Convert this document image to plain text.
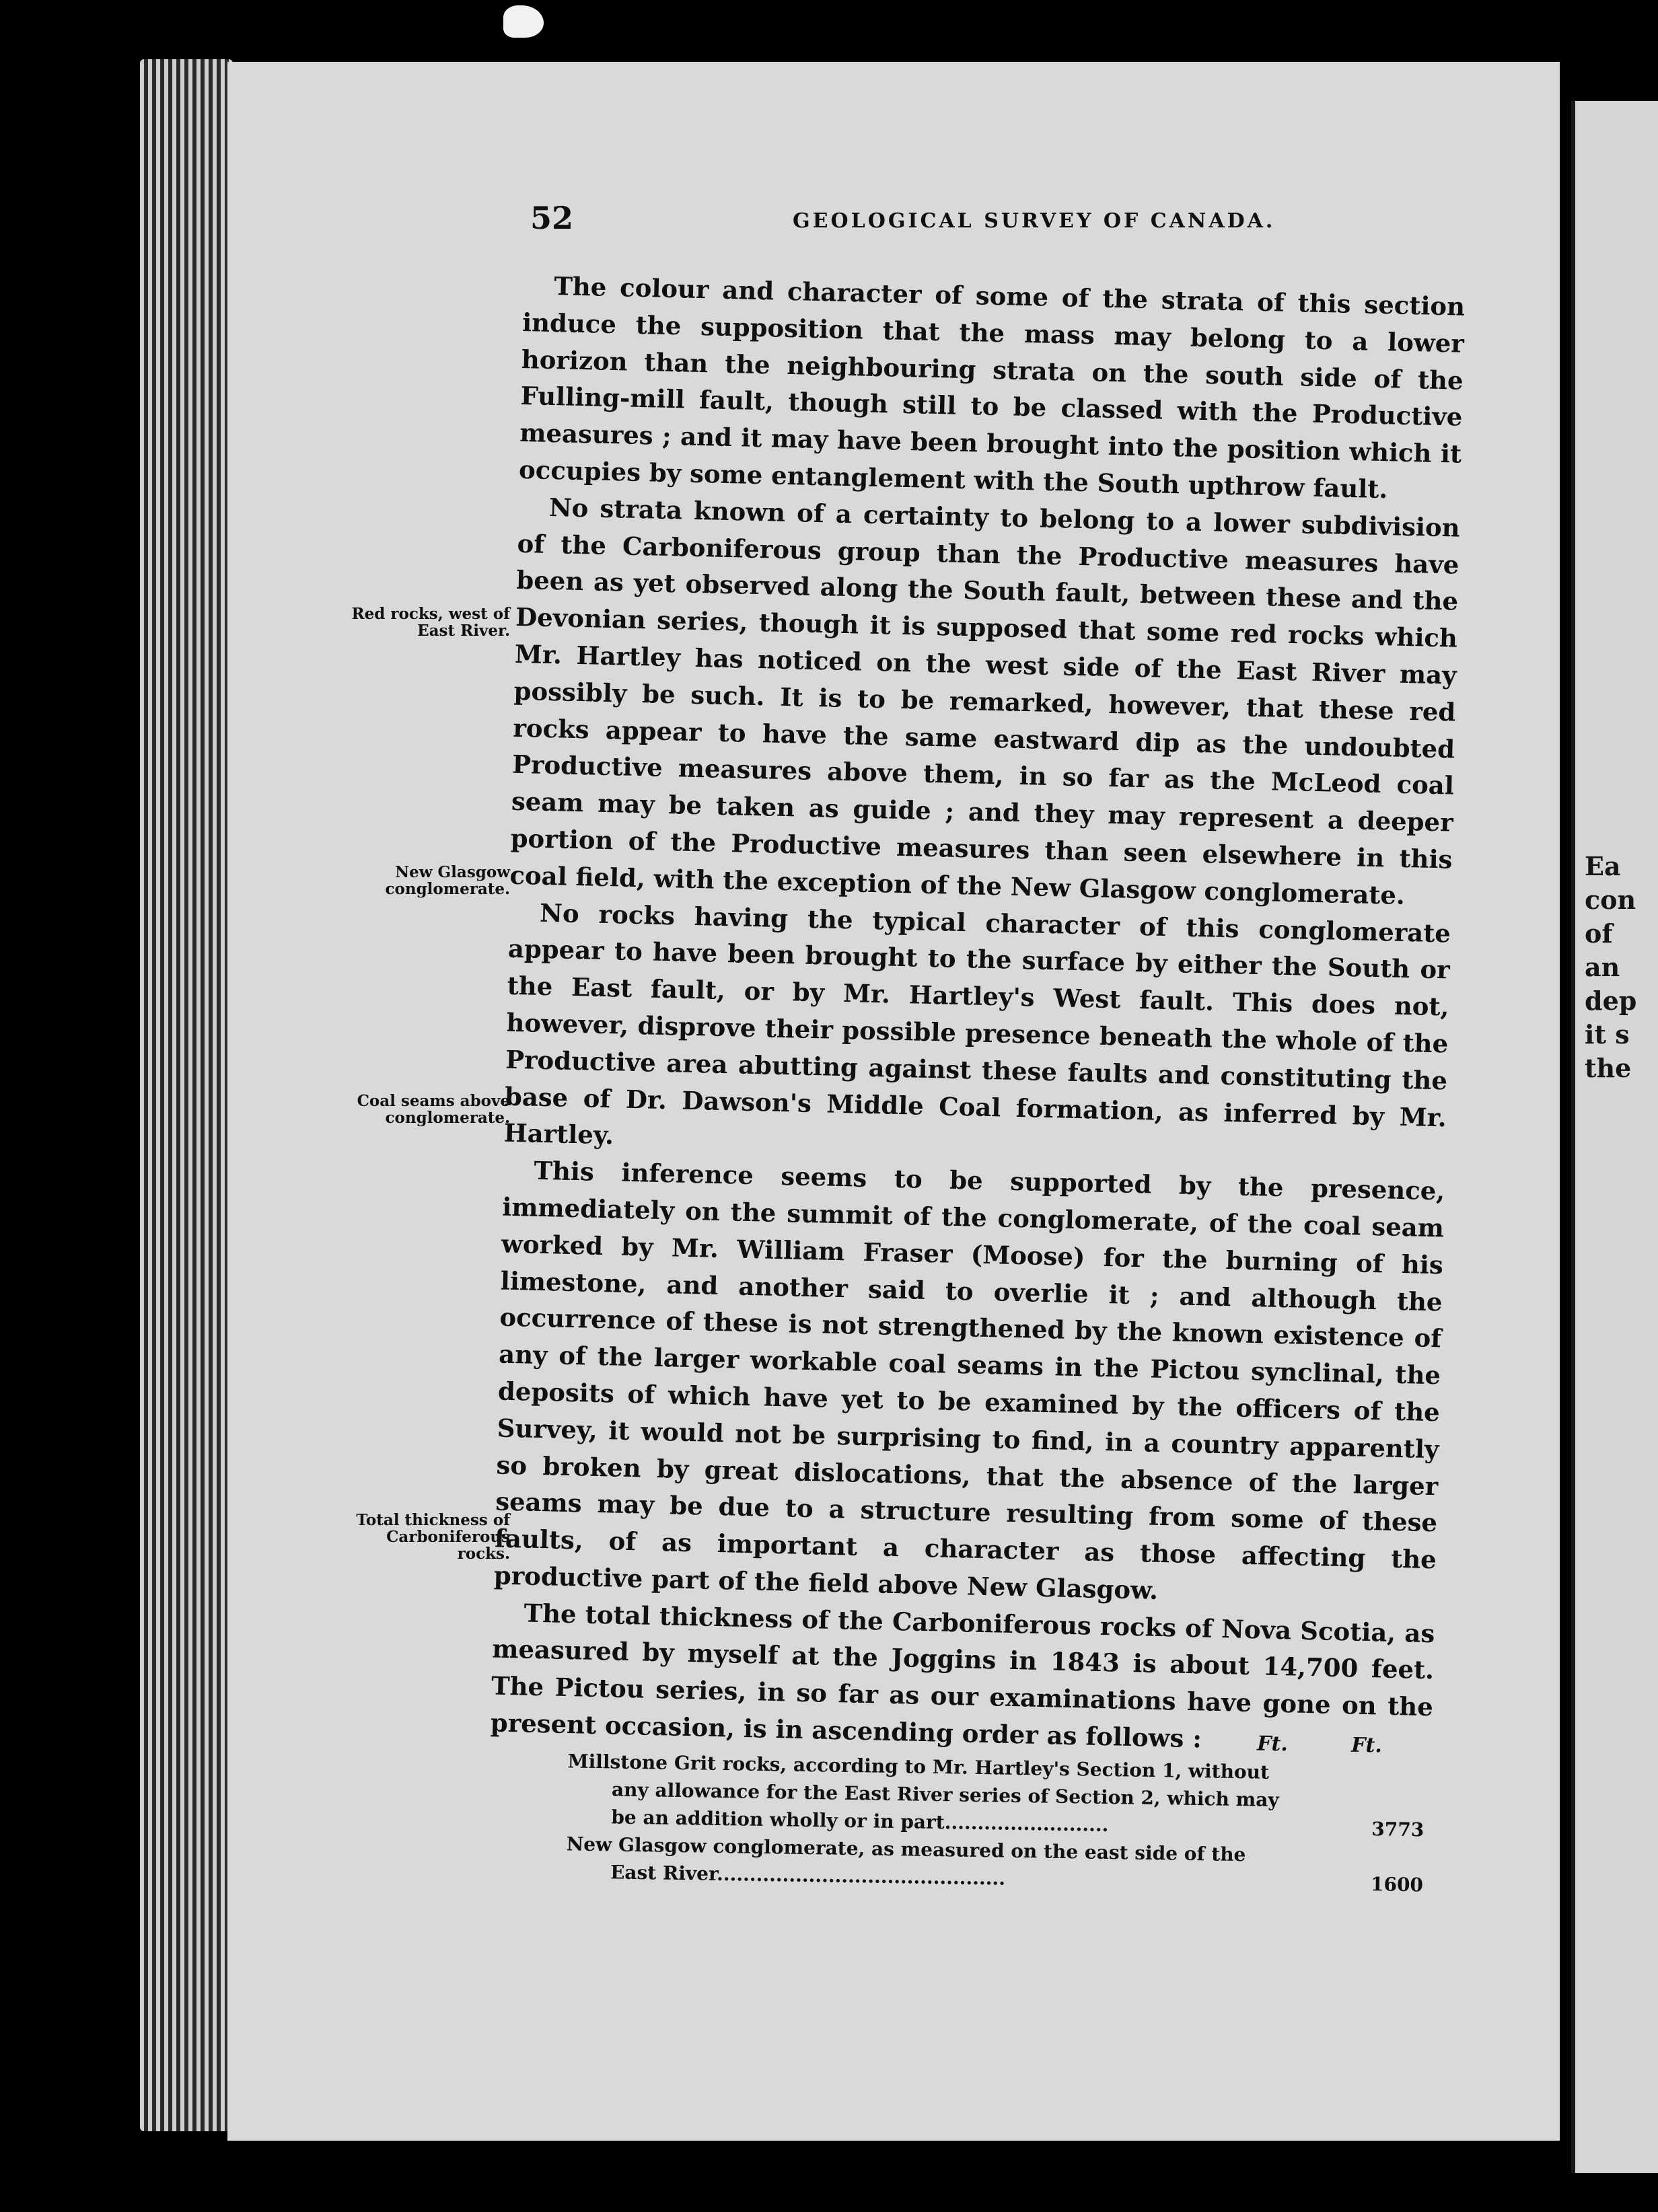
52	GEOLOGICAL SURVEY OF CANADA.
Red rocks, west of East River.
New Glasgow conglomerate.
Coal seams above conglomerate.
Total thickness of Carboniferous rocks.

The colour and character of some of the strata of this section induce the supposition that the mass may belong to a lower horizon than the neighbouring strata on the south side of the Fulling-mill fault, though still to be classed with the Productive measures ; and it may have been brought into the position which it occupies by some entanglement with the South upthrow fault.

No strata known of a certainty to belong to a lower subdivision of the Carboniferous group than the Productive measures have been as yet observed along the South fault, between these and the Devonian series, though it is supposed that some red rocks which Mr. Hartley has noticed on the west side of the East River may possibly be such. It is to be remarked, however, that these red rocks appear to have the same eastward dip as the undoubted Productive measures above them, in so far as the McLeod coal seam may be taken as guide ; and they may represent a deeper portion of the Productive measures than seen elsewhere in this coal field, with the exception of the New Glasgow conglomerate.

No rocks having the typical character of this conglomerate appear to have been brought to the surface by either the South or the East fault, or by Mr. Hartley's West fault. This does not, however, disprove their possible presence beneath the whole of the Productive area abutting against these faults and constituting the base of Dr. Dawson's Middle Coal formation, as inferred by Mr. Hartley.

This inference seems to be supported by the presence, immediately on the summit of the conglomerate, of the coal seam worked by Mr. William Fraser (Moose) for the burning of his limestone, and another said to overlie it ; and although the occurrence of these is not strengthened by the known existence of any of the larger workable coal seams in the Pictou synclinal, the deposits of which have yet to be examined by the officers of the Survey, it would not be surprising to find, in a country apparently so broken by great dislocations, that the absence of the larger seams may be due to a structure resulting from some of these faults, of as important a character as those affecting the productive part of the field above New Glasgow.

The total thickness of the Carboniferous rocks of Nova Scotia, as measured by myself at the Joggins in 1843 is about 14,700 feet. The Pictou series, in so far as our examinations have gone on the present occasion, is in ascending order as follows :	Ft.	Ft.
Millstone Grit rocks, according to Mr. Hartley's Section 1, without any allowance for the East River series of Section 2, which may be an addition wholly or in part.........................	3773
New Glasgow conglomerate, as measured on the east side of the East River............................................	1600
Ea
con
of
an
dep
it s
the
